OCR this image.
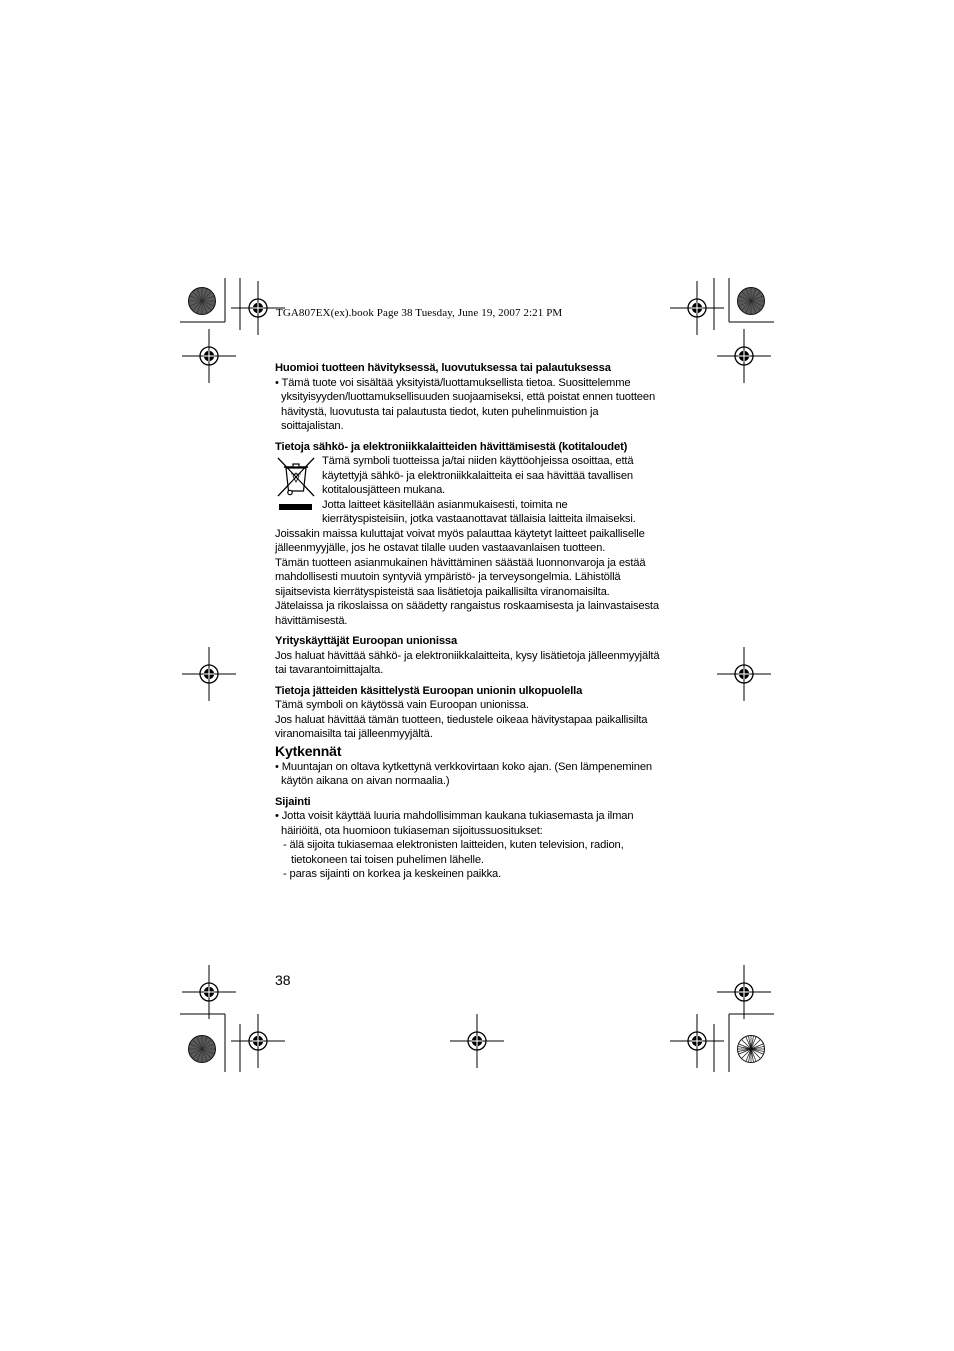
TGA807EX(ex).book Page 38 Tuesday, June 19, 2007 2:21 PM

Huomioi tuotteen hävityksessä, luovutuksessa tai palautuksessa

• Tämä tuote voi sisältää yksityistä/luottamuksellista tietoa. Suosittelemme
yksityisyyden/luottamuksellisuuden suojaamiseksi, että poistat ennen tuotteen
hävitystä, luovutusta tai palautusta tiedot, kuten puhelinmuistion ja
soittajalistan.

Tietoja sähkö- ja elektroniikkalaitteiden hävittämisestä (kotitaloudet)

Tämä symboli tuotteissa ja/tai niiden käyttöohjeissa osoittaa, että
käytettyjä sähkö- ja elektroniikkalaitteita ei saa hävittää tavallisen
kotitalousjätteen mukana.
Jotta laitteet käsitellään asianmukaisesti, toimita ne
kierrätyspisteisiin, jotka vastaanottavat tällaisia laitteita ilmaiseksi.

Joissakin maissa kuluttajat voivat myös palauttaa käytetyt laitteet paikalliselle
jälleenmyyjälle, jos he ostavat tilalle uuden vastaavanlaisen tuotteen.
Tämän tuotteen asianmukainen hävittäminen säästää luonnonvaroja ja estää
mahdollisesti muutoin syntyviä ympäristö- ja terveysongelmia. Lähistöllä
sijaitsevista kierrätyspisteistä saa lisätietoja paikallisilta viranomaisilta.
Jätelaissa ja rikoslaissa on säädetty rangaistus roskaamisesta ja lainvastaisesta
hävittämisestä.

Yrityskäyttäjät Euroopan unionissa

Jos haluat hävittää sähkö- ja elektroniikkalaitteita, kysy lisätietoja jälleenmyyjältä
tai tavarantoimittajalta.

Tietoja jätteiden käsittelystä Euroopan unionin ulkopuolella

Tämä symboli on käytössä vain Euroopan unionissa.
Jos haluat hävittää tämän tuotteen, tiedustele oikeaa hävitystapaa paikallisilta
viranomaisilta tai jälleenmyyjältä.

Kytkennät

• Muuntajan on oltava kytkettynä verkkovirtaan koko ajan. (Sen lämpeneminen
käytön aikana on aivan normaalia.)

Sijainti

• Jotta voisit käyttää luuria mahdollisimman kaukana tukiasemasta ja ilman
häiriöitä, ota huomioon tukiaseman sijoitussuositukset:

- älä sijoita tukiasemaa elektronisten laitteiden, kuten television, radion,
tietokoneen tai toisen puhelimen lähelle.

- paras sijainti on korkea ja keskeinen paikka.

38
